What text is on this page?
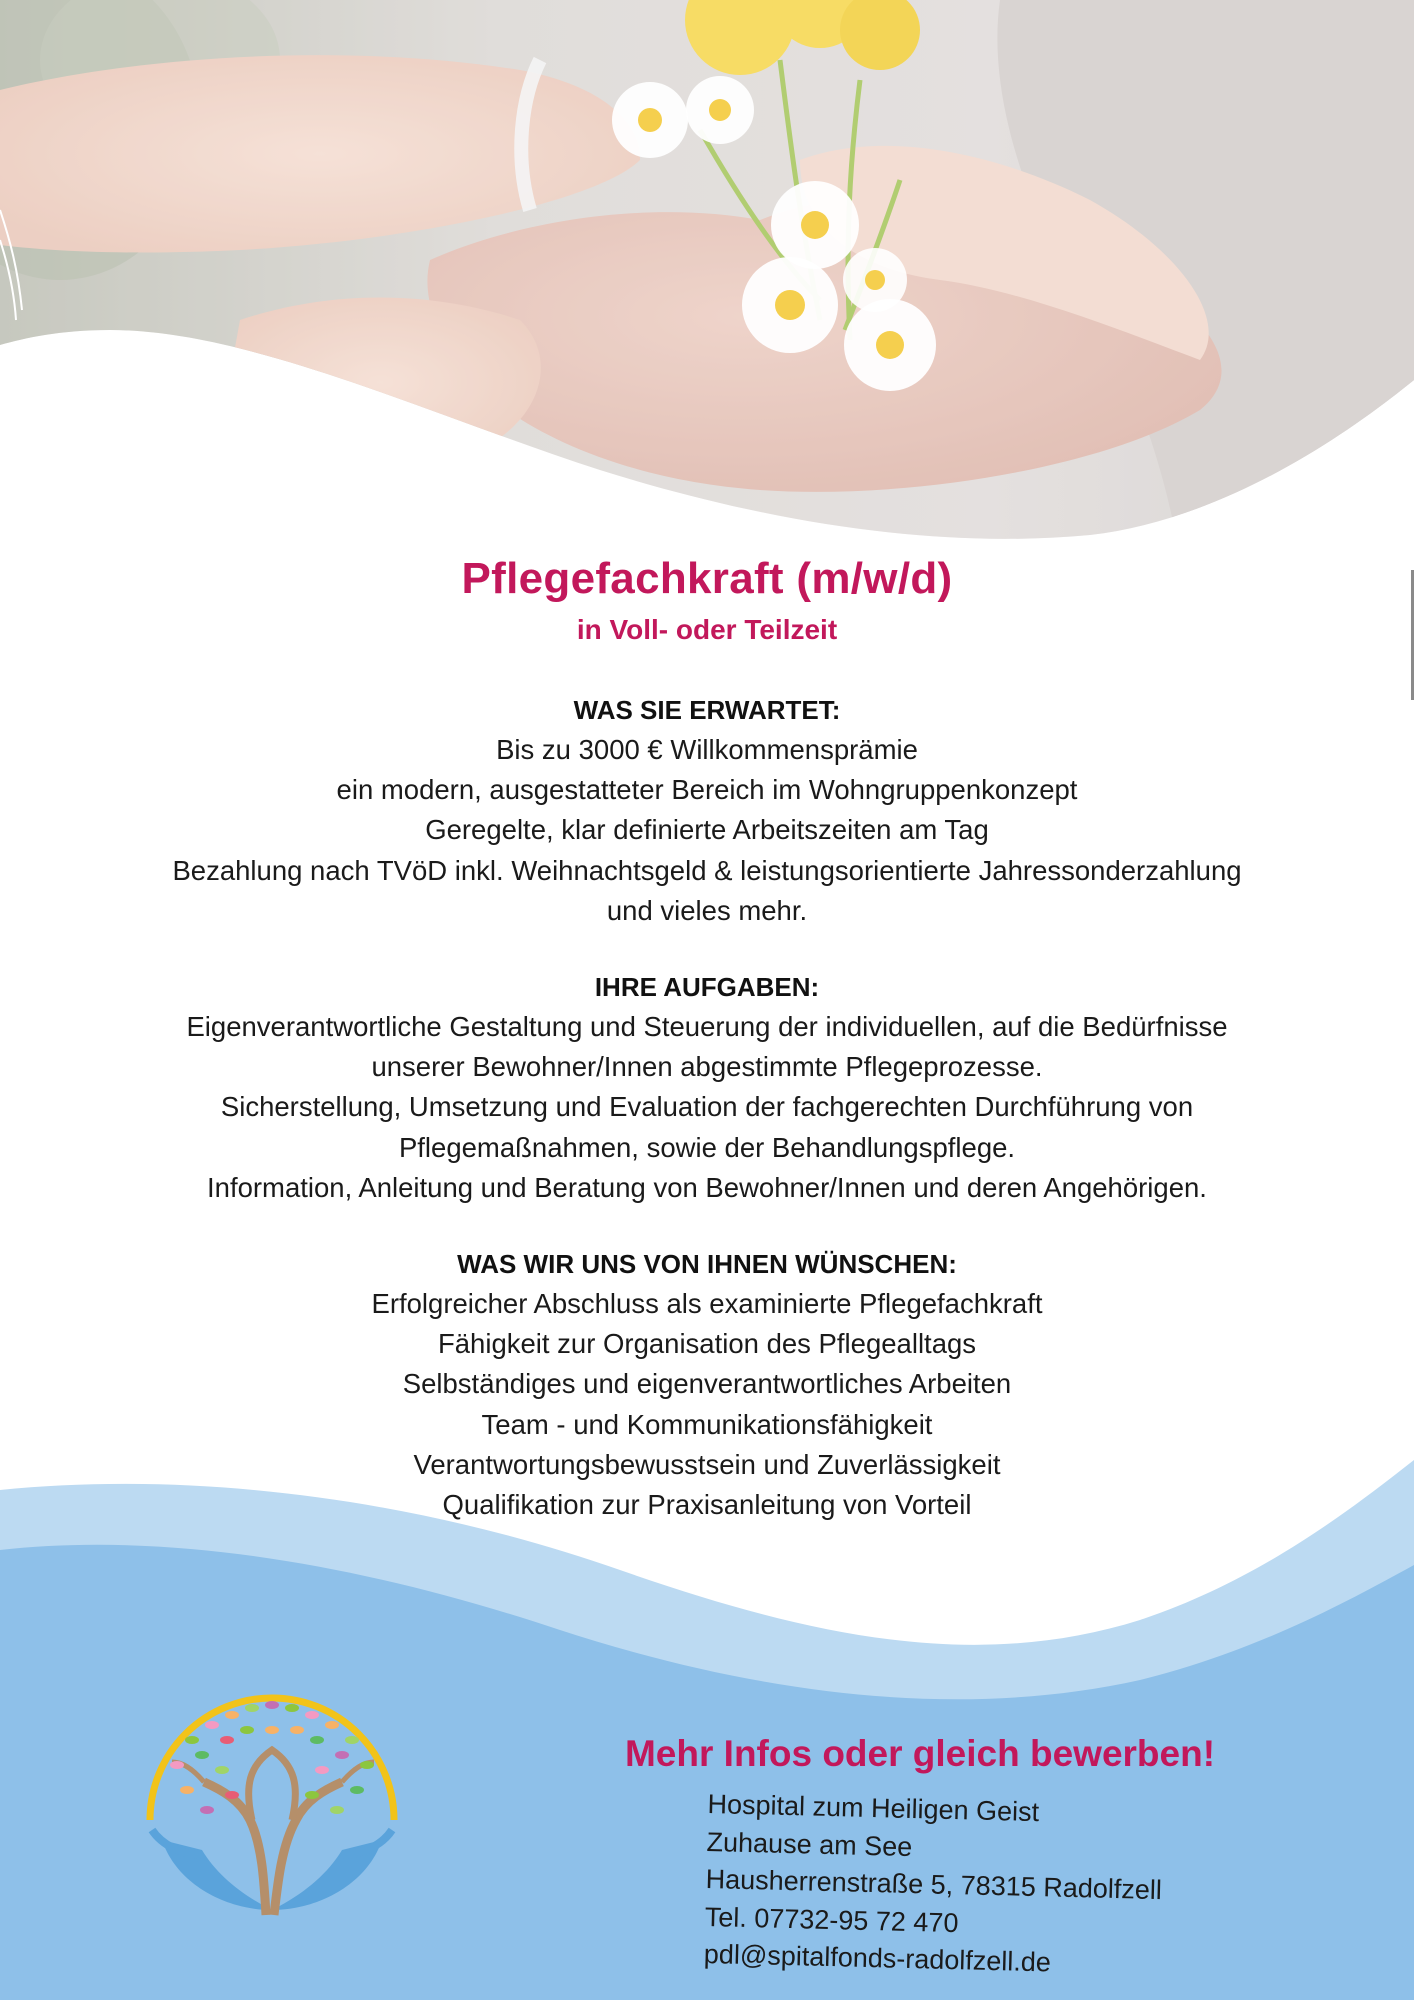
Pflegefachkraft (m/w/d)

in Voll- oder Teilzeit

WAS SIE ERWARTET:

Bis zu 3000 € Willkommensprämie

ein modern, ausgestatteter Bereich im Wohngruppenkonzept

Geregelte, klar definierte Arbeitszeiten am Tag

Bezahlung nach TVöD inkl. Weihnachtsgeld & leistungsorientierte Jahressonderzahlung

und vieles mehr.

IHRE AUFGABEN:

Eigenverantwortliche Gestaltung und Steuerung der individuellen, auf die Bedürfnisse

unserer Bewohner/Innen abgestimmte Pflegeprozesse.

Sicherstellung, Umsetzung und Evaluation der fachgerechten Durchführung von

Pflegemaßnahmen, sowie der Behandlungspflege.

Information, Anleitung und Beratung von Bewohner/Innen und deren Angehörigen.

WAS WIR UNS VON IHNEN WÜNSCHEN:

Erfolgreicher Abschluss als examinierte Pflegefachkraft

Fähigkeit zur Organisation des Pflegealltags

Selbständiges und eigenverantwortliches Arbeiten

Team - und Kommunikationsfähigkeit

Verantwortungsbewusstsein und Zuverlässigkeit

Qualifikation zur Praxisanleitung von Vorteil

Mehr Infos oder gleich bewerben!

Hospital zum Heiligen Geist

Zuhause am See

Hausherrenstraße 5, 78315 Radolfzell

Tel. 07732-95 72 470

pdl@spitalfonds-radolfzell.de
